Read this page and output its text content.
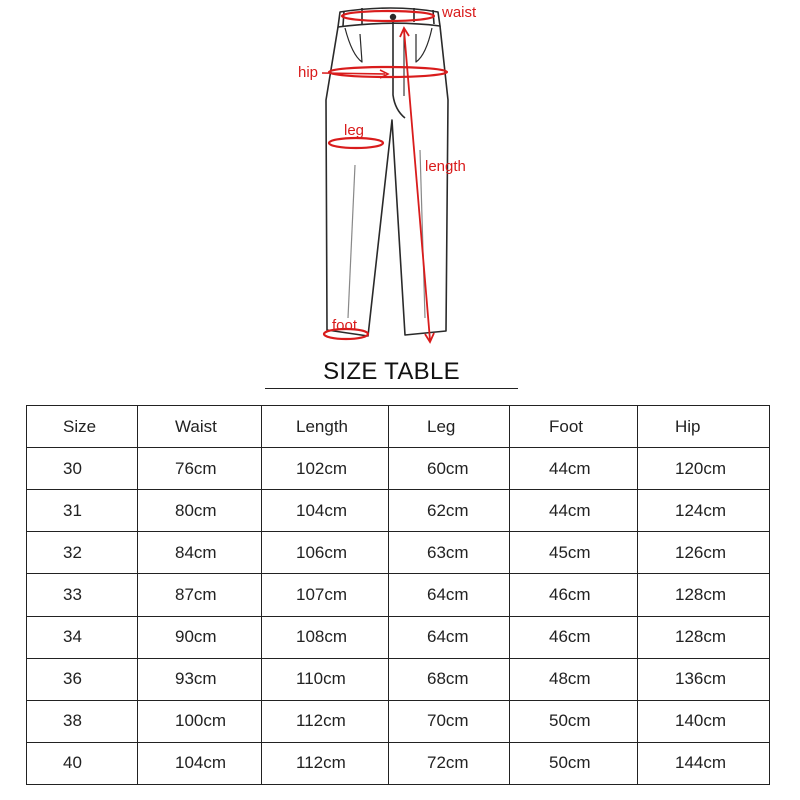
waist
hip
leg
length
foot
SIZE TABLE
Size	Waist	Length	Leg	Foot	Hip
30	76cm	102cm	60cm	44cm	120cm
31	80cm	104cm	62cm	44cm	124cm
32	84cm	106cm	63cm	45cm	126cm
33	87cm	107cm	64cm	46cm	128cm
34	90cm	108cm	64cm	46cm	128cm
36	93cm	110cm	68cm	48cm	136cm
38	100cm	112cm	70cm	50cm	140cm
40	104cm	112cm	72cm	50cm	144cm
